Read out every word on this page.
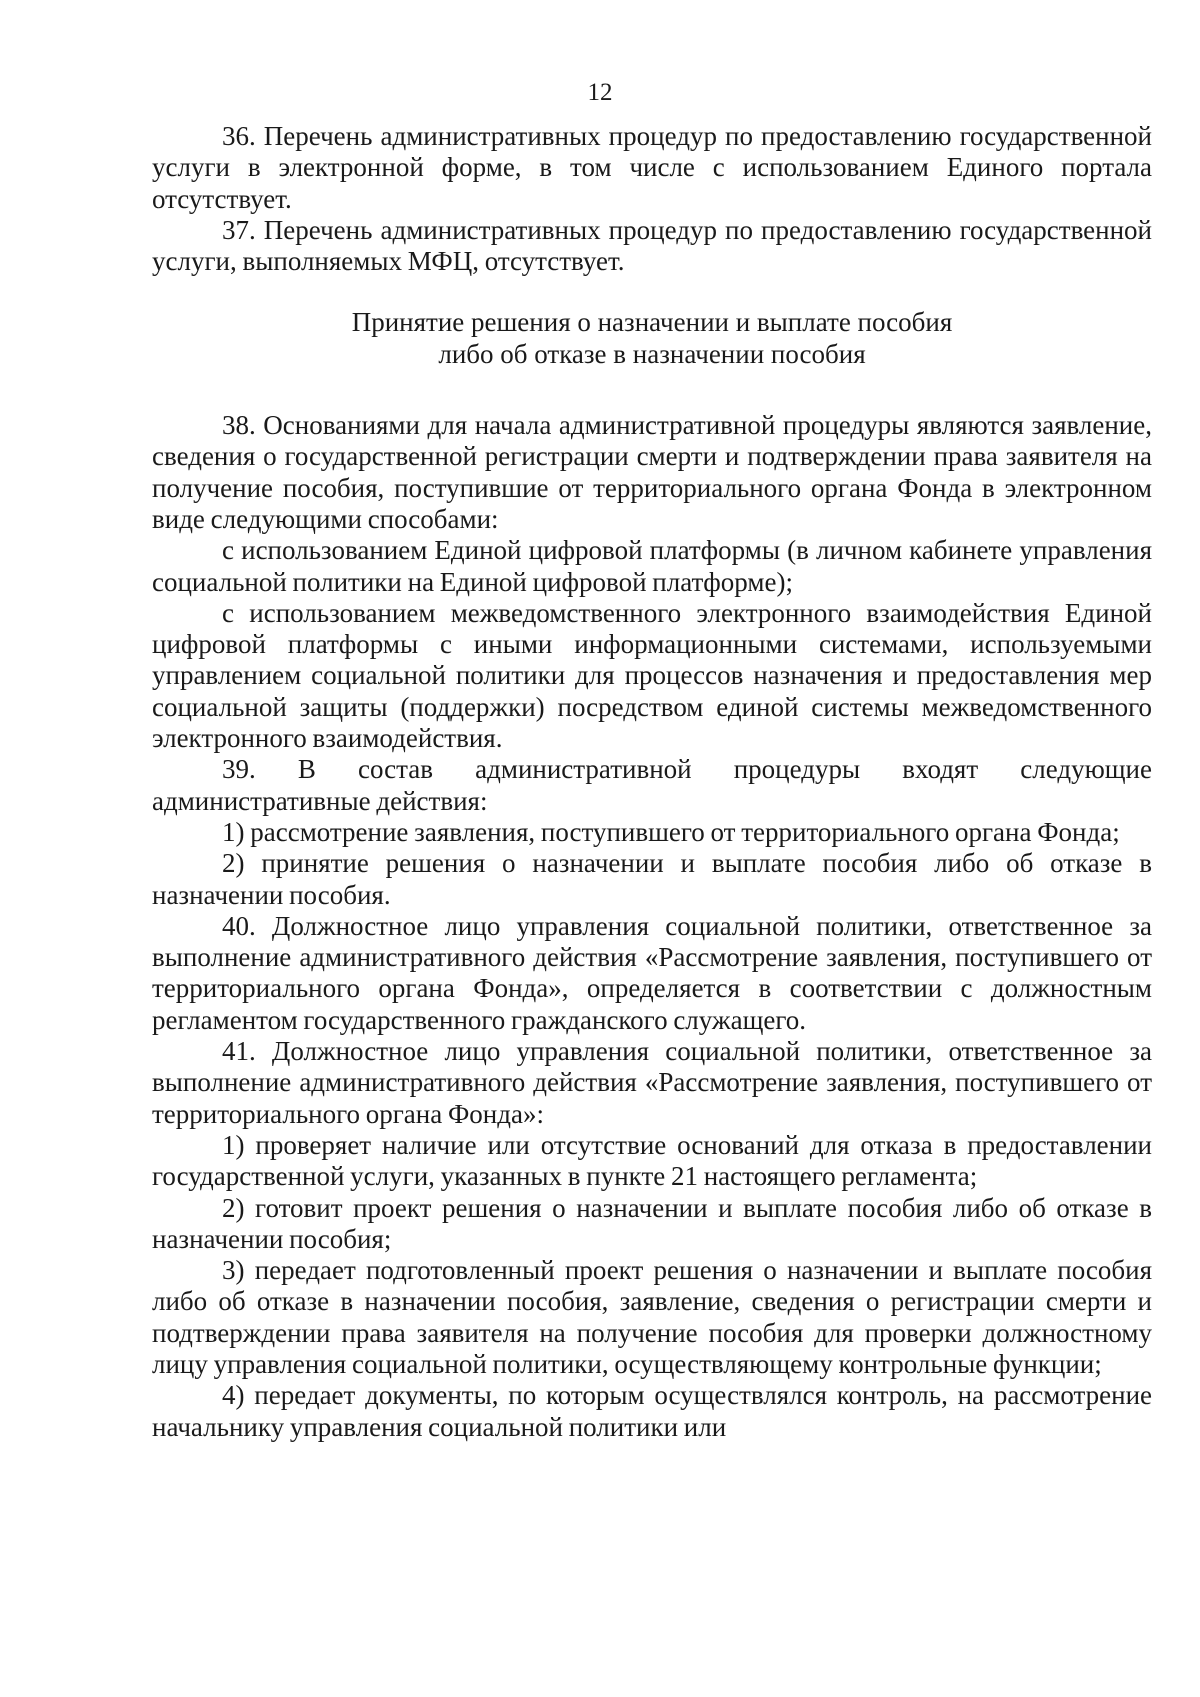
12

36. Перечень административных процедур по предоставлению государственной услуги в электронной форме, в том числе с использованием Единого портала отсутствует.

37. Перечень административных процедур по предоставлению государственной услуги, выполняемых МФЦ, отсутствует.

Принятие решения о назначении и выплате пособия

либо об отказе в назначении пособия

38. Основаниями для начала административной процедуры являются заявление, сведения о государственной регистрации смерти и подтверждении права заявителя на получение пособия, поступившие от территориального органа Фонда в электронном виде следующими способами:

с использованием Единой цифровой платформы (в личном кабинете управления социальной политики на Единой цифровой платформе);

с использованием межведомственного электронного взаимодействия Единой цифровой платформы с иными информационными системами, используемыми управлением социальной политики для процессов назначения и предоставления мер социальной защиты (поддержки) посредством единой системы межведомственного электронного взаимодействия.

39. В состав административной процедуры входят следующие административные действия:

1) рассмотрение заявления, поступившего от территориального органа Фонда;

2) принятие решения о назначении и выплате пособия либо об отказе в назначении пособия.

40. Должностное лицо управления социальной политики, ответственное за выполнение административного действия «Рассмотрение заявления, поступившего от территориального органа Фонда», определяется в соответствии с должностным регламентом государственного гражданского служащего.

41. Должностное лицо управления социальной политики, ответственное за выполнение административного действия «Рассмотрение заявления, поступившего от территориального органа Фонда»:

1) проверяет наличие или отсутствие оснований для отказа в предоставлении государственной услуги, указанных в пункте 21 настоящего регламента;

2) готовит проект решения о назначении и выплате пособия либо об отказе в назначении пособия;

3) передает подготовленный проект решения о назначении и выплате пособия либо об отказе в назначении пособия, заявление, сведения о регистрации смерти и подтверждении права заявителя на получение пособия для проверки должностному лицу управления социальной политики, осуществляющему контрольные функции;

4) передает документы, по которым осуществлялся контроль, на рассмотрение начальнику управления социальной политики или
